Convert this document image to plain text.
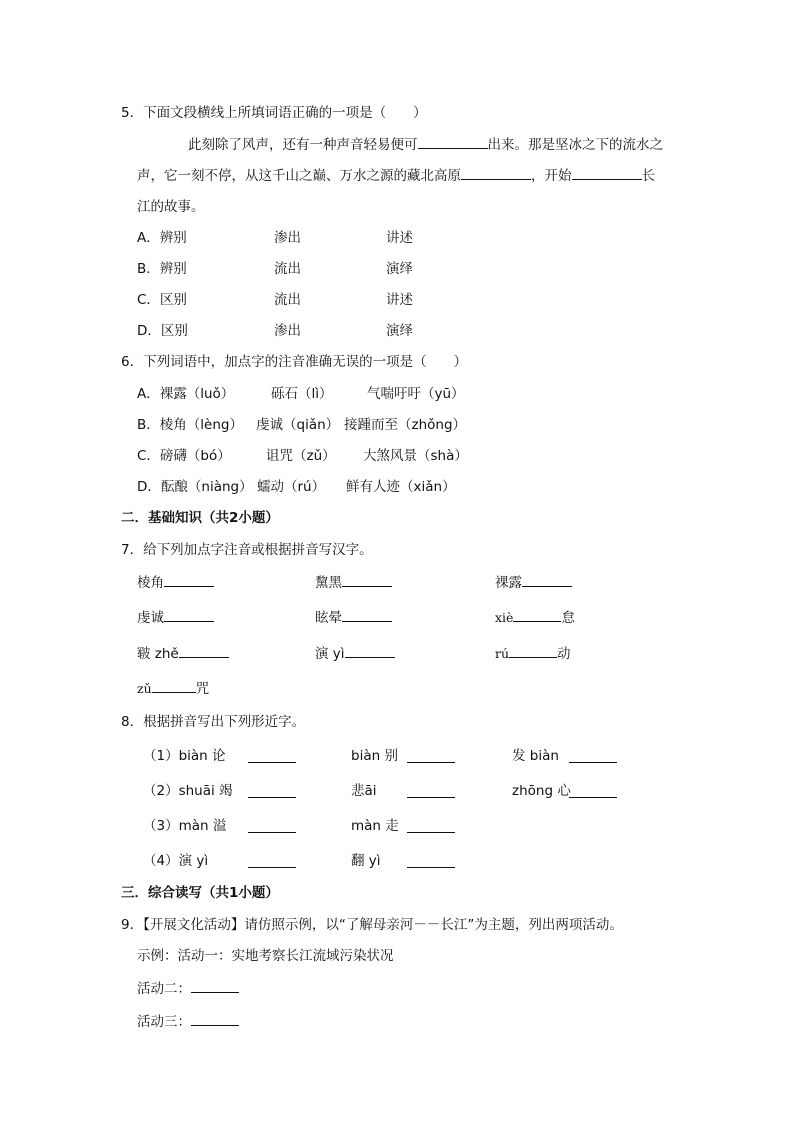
5．下面文段横线上所填词语正确的一项是（　　）
此刻除了风声，还有一种声音轻易便可	出来。那是坚冰之下的流水之
声，它一刻不停，从这千山之巅、万水之源的藏北高原	，开始	长
江的故事。
A．辨别	渗出	讲述
B．辨别	流出	演绎
C．区别	流出	讲述
D．区别	渗出	演绎
6．下列词语中，加点字的注音准确无误的一项是（　　）
A．裸露（luǒ）	砾石（lì）	气喘吁吁（yū）
B．棱角（lèng） 虔诚（qiǎn） 接踵而至（zhǒng）
C．磅礴（bó）	诅咒（zǔ） 大煞风景（shà）
D．酝酿（niàng） 蠕动（rú） 鲜有人迹（xiǎn）
二．基础知识（共2小题）
7．给下列加点字注音或根据拼音写汉字。
棱角	黧黑	裸露
虔诚	眩晕	xiè	怠
皲 zhě	演 yì	rú	动
zǔ	咒
8．根据拼音写出下列形近字。
（1）biàn 论	biàn 别	发 biàn
（2）shuāi 竭	悲āi	zhōng 心
（3）màn 溢	màn 走
（4）演 yì	翻 yì
三．综合读写（共1小题）
9．【开展文化活动】请仿照示例，以“了解母亲河－－长江”为主题，列出两项活动。
示例：活动一：实地考察长江流域污染状况
活动二：
活动三：
